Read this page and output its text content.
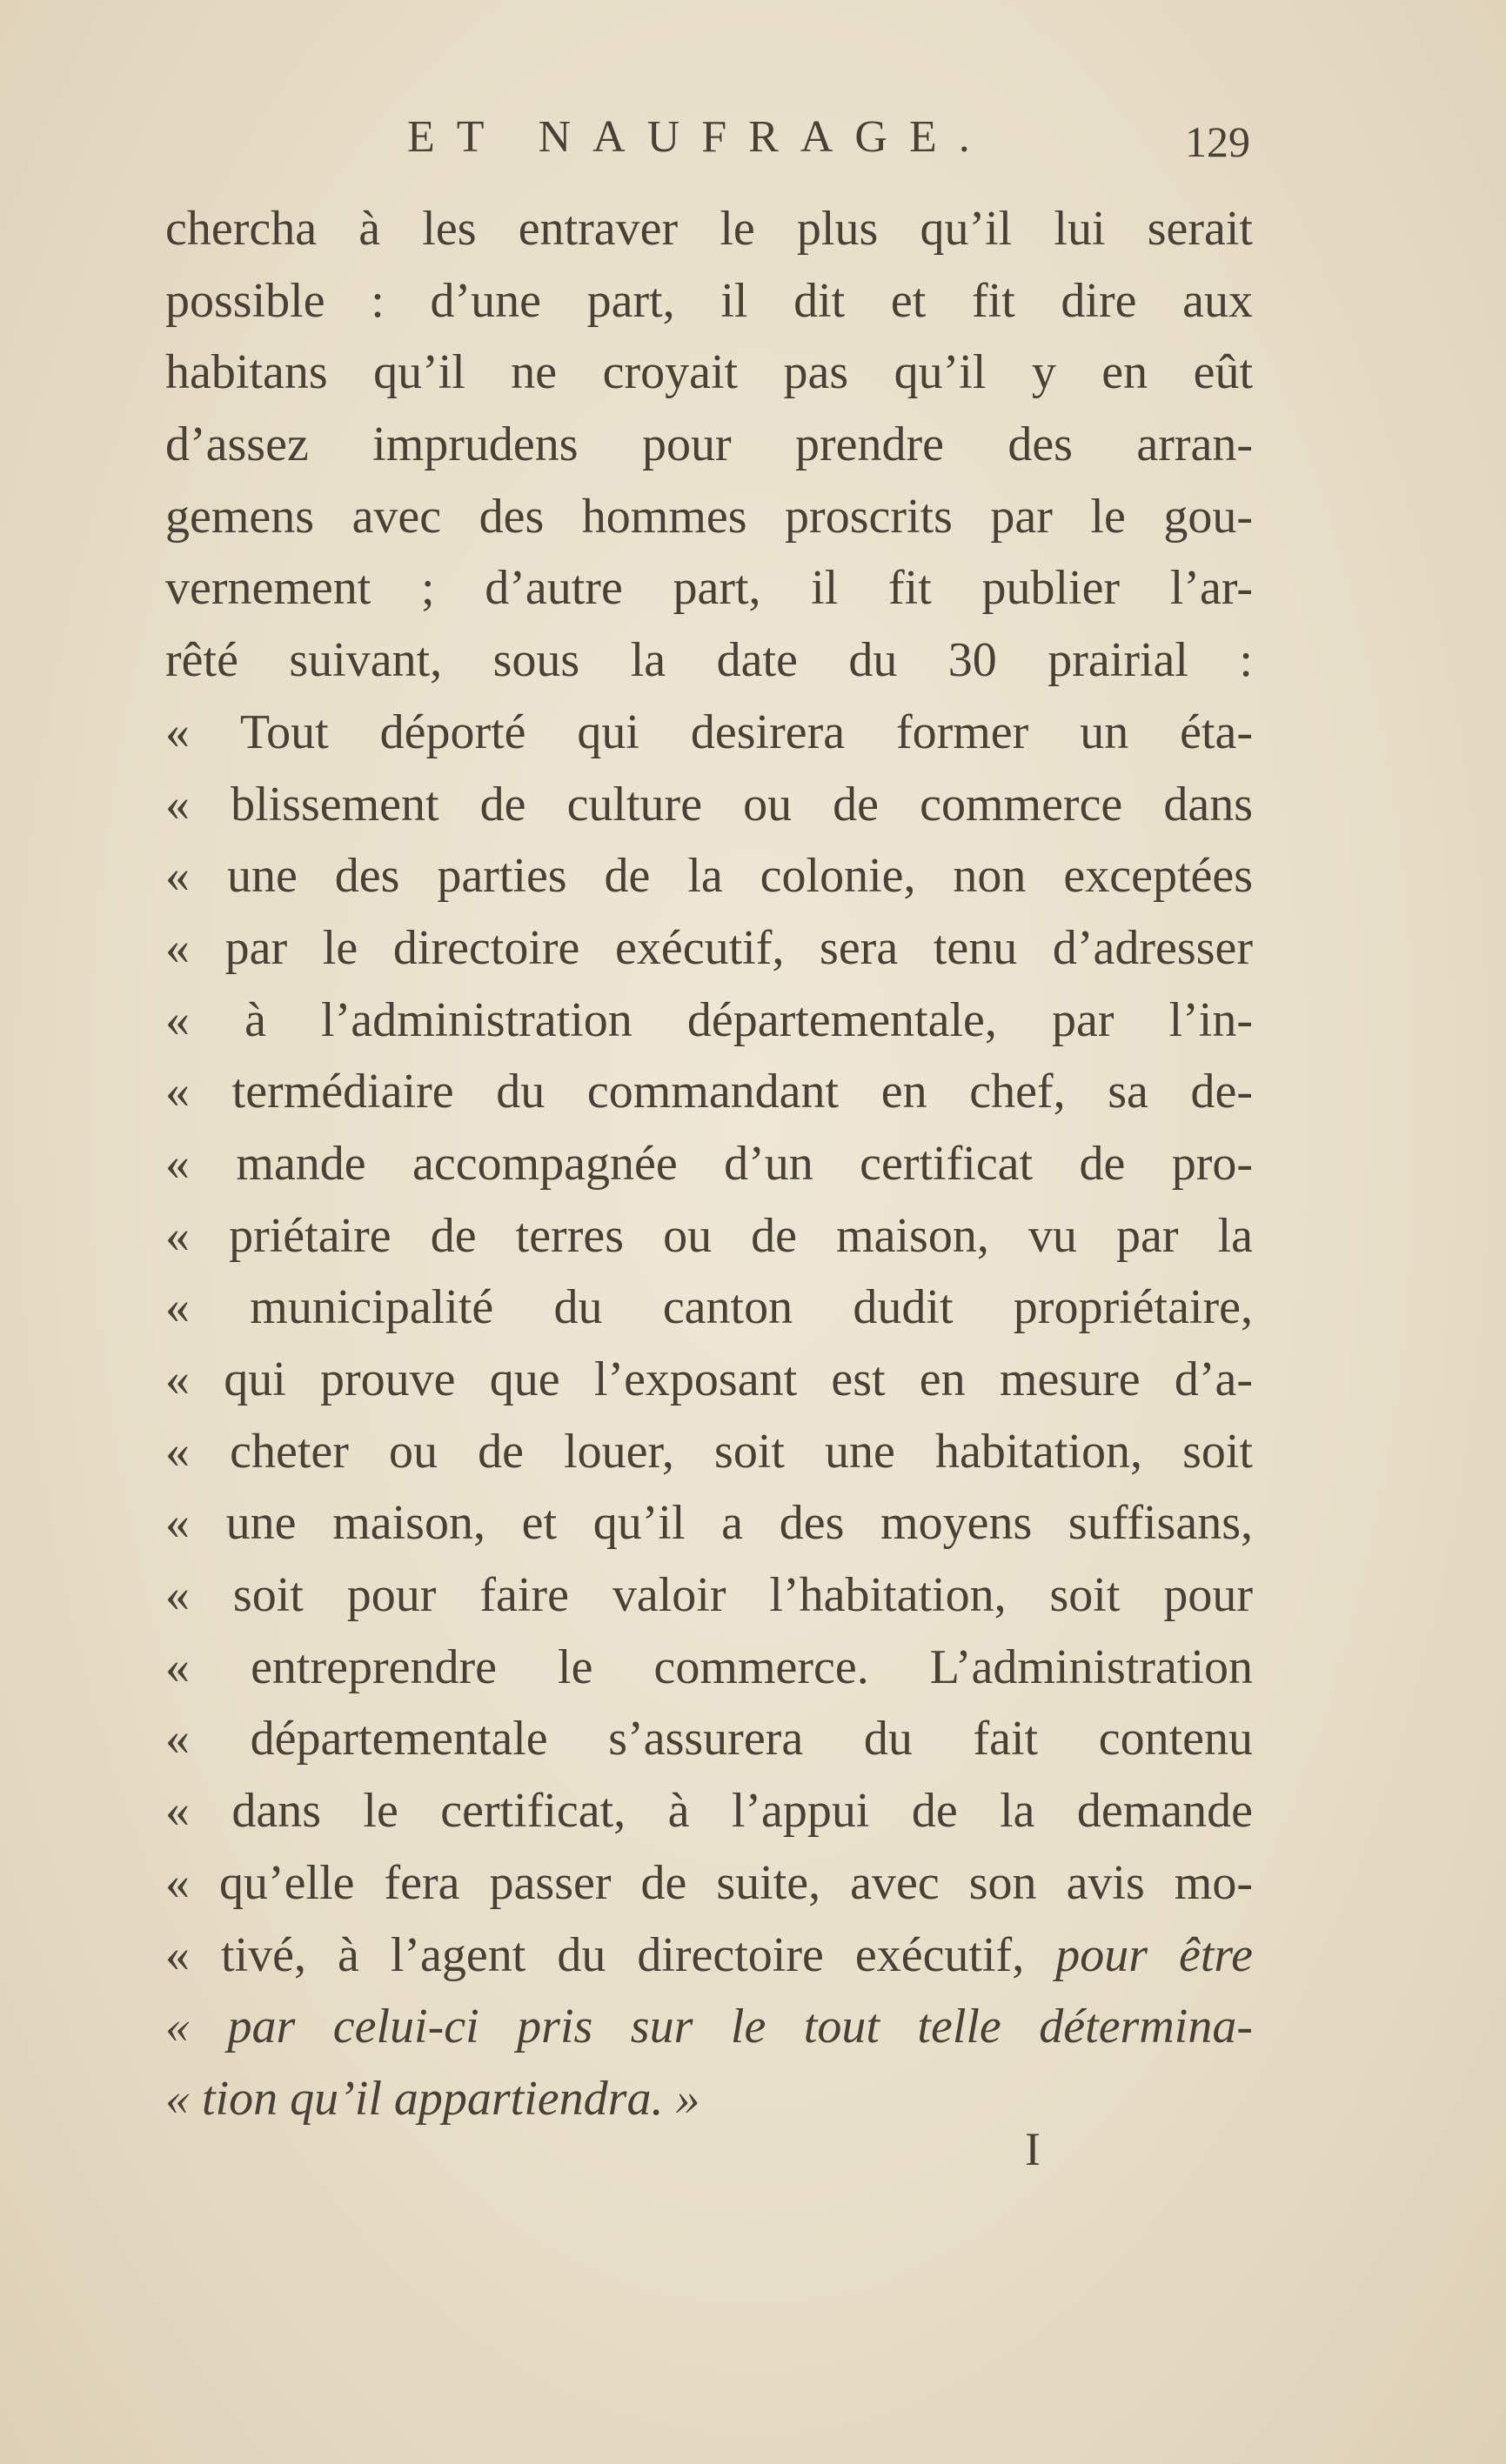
ET NAUFRAGE.	129
chercha à les entraver le plus qu’il lui serait
possible : d’une part, il dit et fit dire aux
habitans qu’il ne croyait pas qu’il y en eût
d’assez imprudens pour prendre des arran-
gemens avec des hommes proscrits par le gou-
vernement ; d’autre part, il fit publier l’ar-
rêté suivant, sous la date du 30 prairial :
« Tout déporté qui desirera former un éta-
« blissement de culture ou de commerce dans
« une des parties de la colonie, non exceptées
« par le directoire exécutif, sera tenu d’adresser
« à l’administration départementale, par l’in-
« termédiaire du commandant en chef, sa de-
« mande accompagnée d’un certificat de pro-
« priétaire de terres ou de maison, vu par la
« municipalité du canton dudit propriétaire,
« qui prouve que l’exposant est en mesure d’a-
« cheter ou de louer, soit une habitation, soit
« une maison, et qu’il a des moyens suffisans,
« soit pour faire valoir l’habitation, soit pour
« entreprendre le commerce. L’administration
« départementale s’assurera du fait contenu
« dans le certificat, à l’appui de la demande
« qu’elle fera passer de suite, avec son avis mo-
« tivé, à l’agent du directoire exécutif, pour être
« par celui-ci pris sur le tout telle détermina-
« tion qu’il appartiendra. »
I
